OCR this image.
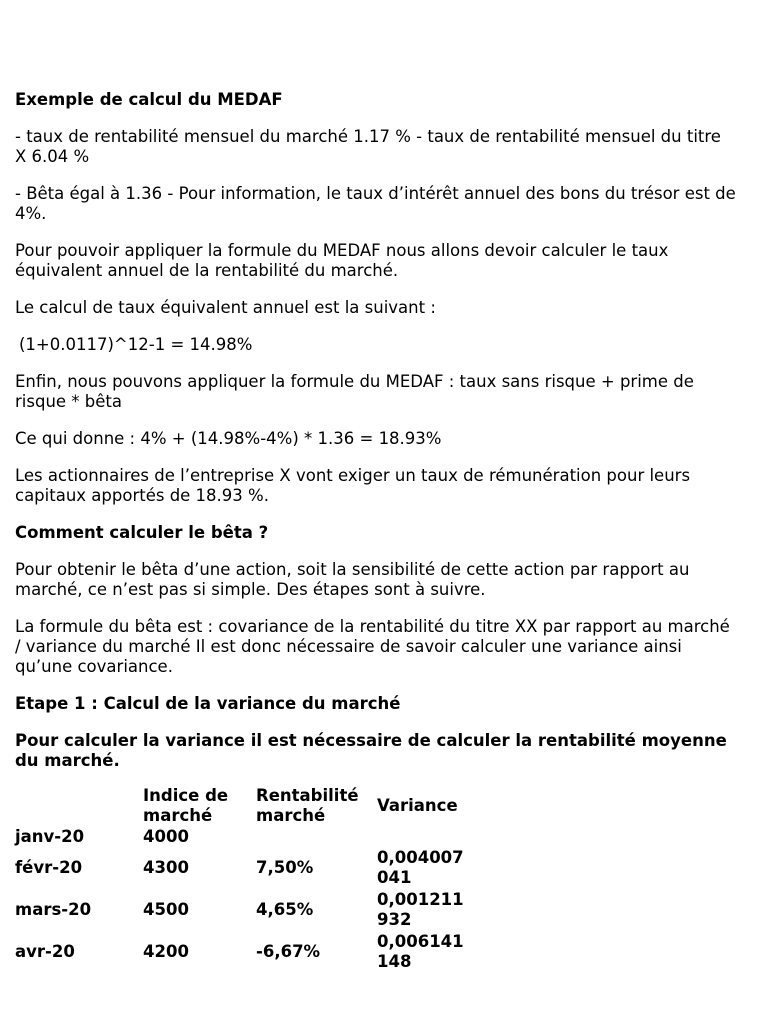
Exemple de calcul du MEDAF
- taux de rentabilité mensuel du marché 1.17 % - taux de rentabilité mensuel du titre X 6.04 %
- Bêta égal à 1.36 - Pour information, le taux d’intérêt annuel des bons du trésor est de 4%.
Pour pouvoir appliquer la formule du MEDAF nous allons devoir calculer le taux équivalent annuel de la rentabilité du marché.
Le calcul de taux équivalent annuel est la suivant :
(1+0.0117)^12-1 = 14.98%
Enfin, nous pouvons appliquer la formule du MEDAF : taux sans risque + prime de risque * bêta
Ce qui donne : 4% + (14.98%-4%) * 1.36 = 18.93%
Les actionnaires de l’entreprise X vont exiger un taux de rémunération pour leurs capitaux apportés de 18.93 %.
Comment calculer le bêta ?
Pour obtenir le bêta d’une action, soit la sensibilité de cette action par rapport au marché, ce n’est pas si simple. Des étapes sont à suivre.
La formule du bêta est : covariance de la rentabilité du titre XX par rapport au marché / variance du marché Il est donc nécessaire de savoir calculer une variance ainsi qu’une covariance.
Etape 1 : Calcul de la variance du marché
Pour calculer la variance il est nécessaire de calculer la rentabilité moyenne du marché.
	Indice de marché	Rentabilité marché	Variance
janv-20	4000		
févr-20	4300	7,50%	0,004007041
mars-20	4500	4,65%	0,001211932
avr-20	4200	-6,67%	0,006141148
